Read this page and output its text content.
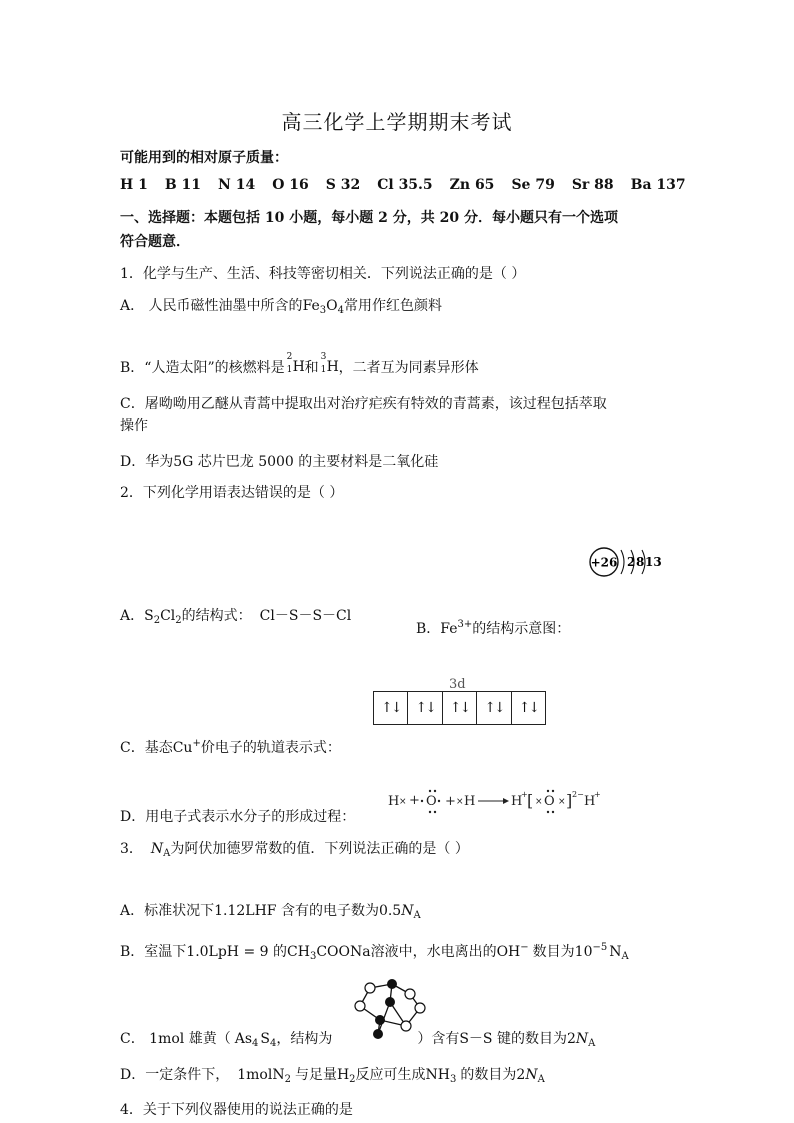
高三化学上学期期末考试
可能用到的相对原子质量：
H 1 B 11 N 14 O 16 S 32 Cl 35.5 Zn 65 Se 79 Sr 88 Ba 137
一、选择题：本题包括 10 小题，每小题 2 分，共 20 分．每小题只有一个选项
符合题意．
1．化学与生产、生活、科技等密切相关．下列说法正确的是（ ）
A． 人民币磁性油墨中所含的$Fe_3O_4$常用作红色颜料
B．“人造太阳”的核燃料是
2
1 H 和
3
1 H ，二者互为同素异形体
C．屠呦呦用乙醚从青蒿中提取出对治疗疟疾有特效的青蒿素，该过程包括萃取
操作
D．华为5G 芯片巴龙 5000 的主要材料是二氧化硅
2．下列化学用语表达错误的是（ ）
+26 2 8 13
A．$S_2Cl_2$的结构式： Cl－S－S－Cl
B．$Fe^{3+}$的结构示意图：
3d
↑↓	↑↓	↑↓	↑↓	↑↓
C．基态Cu+价电子的轨道表示式：
D．用电子式表示水分子的形成过程：
H × + O + × H	H
+ [ × O × ] 2− H
+
3． $N_A$为阿伏加德罗常数的值．下列说法正确的是（ ）
A．标准状况下1.12LHF 含有的电子数为$0.5N_A$
B．室温下1.0LpH = 9 的$CH_3COONa$溶液中，水电离出的OH− 数目为$10^{-5}$ $N_A$
C． 1mol 雄黄（ $As_4$ $S_4$，结构为	）含有S－S 键的数目为$2N_A$
D．一定条件下， 1molN$_2$ 与足量$H_2$反应可生成$NH_3$ 的数目为$2N_A$
4．关于下列仪器使用的说法正确的是
